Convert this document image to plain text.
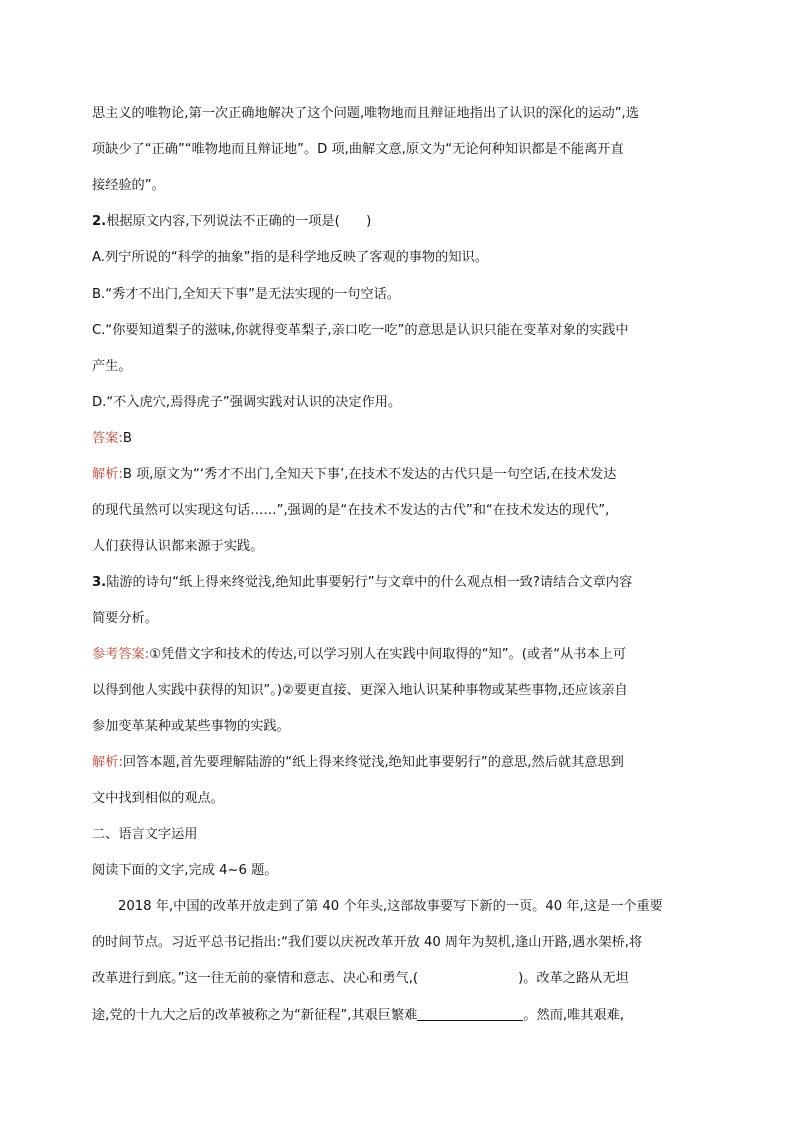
思主义的唯物论,第一次正确地解决了这个问题,唯物地而且辩证地指出了认识的深化的运动”,选
项缺少了“正确”“唯物地而且辩证地”。D 项,曲解文意,原文为“无论何种知识都是不能离开直
接经验的”。
2.根据原文内容,下列说法不正确的一项是(　　)
A.列宁所说的“科学的抽象”指的是科学地反映了客观的事物的知识。
B.“秀才不出门,全知天下事”是无法实现的一句空话。
C.“你要知道梨子的滋味,你就得变革梨子,亲口吃一吃”的意思是认识只能在变革对象的实践中
产生。
D.“不入虎穴,焉得虎子”强调实践对认识的决定作用。
答案:B
解析:B 项,原文为“‘秀才不出门,全知天下事’,在技术不发达的古代只是一句空话,在技术发达
的现代虽然可以实现这句话……”,强调的是“在技术不发达的古代”和“在技术发达的现代”,
人们获得认识都来源于实践。
3.陆游的诗句“纸上得来终觉浅,绝知此事要躬行”与文章中的什么观点相一致?请结合文章内容
简要分析。
参考答案:①凭借文字和技术的传达,可以学习别人在实践中间取得的“知”。(或者“从书本上可
以得到他人实践中获得的知识”。)②要更直接、更深入地认识某种事物或某些事物,还应该亲自
参加变革某种或某些事物的实践。
解析:回答本题,首先要理解陆游的“纸上得来终觉浅,绝知此事要躬行”的意思,然后就其意思到
文中找到相似的观点。
二、语言文字运用
阅读下面的文字,完成 4~6 题。
2018 年,中国的改革开放走到了第 40 个年头,这部故事要写下新的一页。40 年,这是一个重要
的时间节点。习近平总书记指出:“我们要以庆祝改革开放 40 周年为契机,逢山开路,遇水架桥,将
改革进行到底。”这一往无前的豪情和意志、决心和勇气,(	)。改革之路从无坦
途,党的十九大之后的改革被称之为“新征程”,其艰巨繁难	。然而,唯其艰难,
